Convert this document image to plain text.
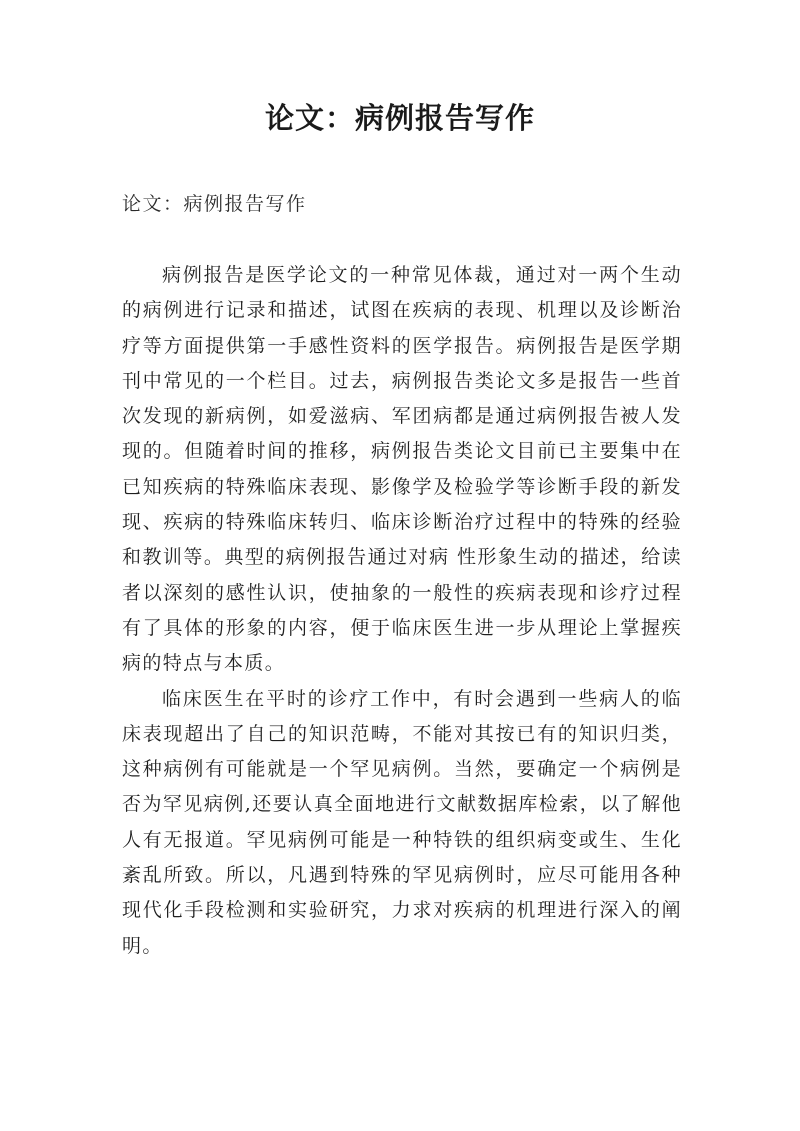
论文：病例报告写作

论文：病例报告写作

病例报告是医学论文的一种常见体裁，通过对一两个生动的病例进行记录和描述，试图在疾病的表现、机理以及诊断治疗等方面提供第一手感性资料的医学报告。病例报告是医学期刊中常见的一个栏目。过去，病例报告类论文多是报告一些首次发现的新病例，如爱滋病、军团病都是通过病例报告被人发现的。但随着时间的推移，病例报告类论文目前已主要集中在已知疾病的特殊临床表现、影像学及检验学等诊断手段的新发现、疾病的特殊临床转归、临床诊断治疗过程中的特殊的经验和教训等。典型的病例报告通过对病 性形象生动的描述，给读者以深刻的感性认识，使抽象的一般性的疾病表现和诊疗过程有了具体的形象的内容，便于临床医生进一步从理论上掌握疾病的特点与本质。

临床医生在平时的诊疗工作中，有时会遇到一些病人的临床表现超出了自己的知识范畴，不能对其按已有的知识归类，这种病例有可能就是一个罕见病例。当然，要确定一个病例是否为罕见病例,还要认真全面地进行文献数据库检索，以了解他人有无报道。罕见病例可能是一种特铁的组织病变或生、生化紊乱所致。所以，凡遇到特殊的罕见病例时，应尽可能用各种现代化手段检测和实验研究，力求对疾病的机理进行深入的阐明。
